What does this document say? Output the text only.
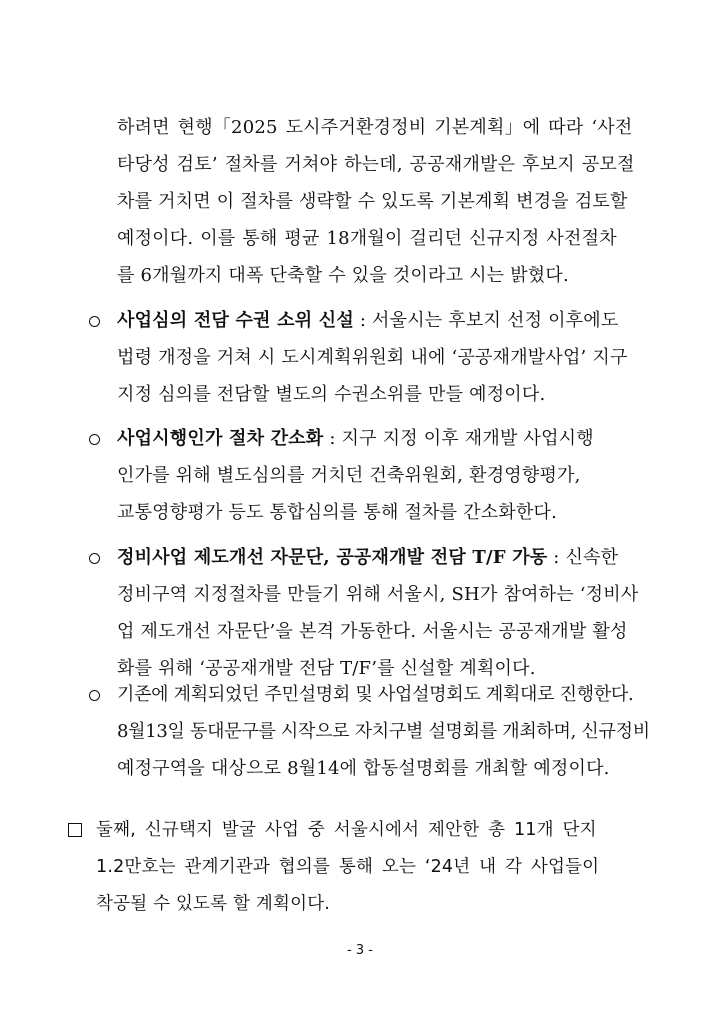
하려면 현행「2025 도시주거환경정비 기본계획」에 따라 ‘사전
타당성 검토’ 절차를 거쳐야 하는데, 공공재개발은 후보지 공모절
차를 거치면 이 절차를 생략할 수 있도록 기본계획 변경을 검토할
예정이다. 이를 통해 평균 18개월이 걸리던 신규지정 사전절차
를 6개월까지 대폭 단축할 수 있을 것이라고 시는 밝혔다.
사업심의 전담 수권 소위 신설 : 서울시는 후보지 선정 이후에도
법령 개정을 거쳐 시 도시계획위원회 내에 ‘공공재개발사업’ 지구
지정 심의를 전담할 별도의 수권소위를 만들 예정이다.
사업시행인가 절차 간소화 : 지구 지정 이후 재개발 사업시행
인가를 위해 별도심의를 거치던 건축위원회, 환경영향평가,
교통영향평가 등도 통합심의를 통해 절차를 간소화한다.
정비사업 제도개선 자문단, 공공재개발 전담 T/F 가동 : 신속한
정비구역 지정절차를 만들기 위해 서울시, SH가 참여하는 ‘정비사
업 제도개선 자문단’을 본격 가동한다. 서울시는 공공재개발 활성
화를 위해 ‘공공재개발 전담 T/F’를 신설할 계획이다.
기존에 계획되었던 주민설명회 및 사업설명회도 계획대로 진행한다.
8월13일 동대문구를 시작으로 자치구별 설명회를 개최하며, 신규정비
예정구역을 대상으로 8월14에 합동설명회를 개최할 예정이다.
둘째, 신규택지 발굴 사업 중 서울시에서 제안한 총 11개 단지
1.2만호는 관계기관과 협의를 통해 오는 ‘24년 내 각 사업들이
착공될 수 있도록 할 계획이다.
- 3 -
